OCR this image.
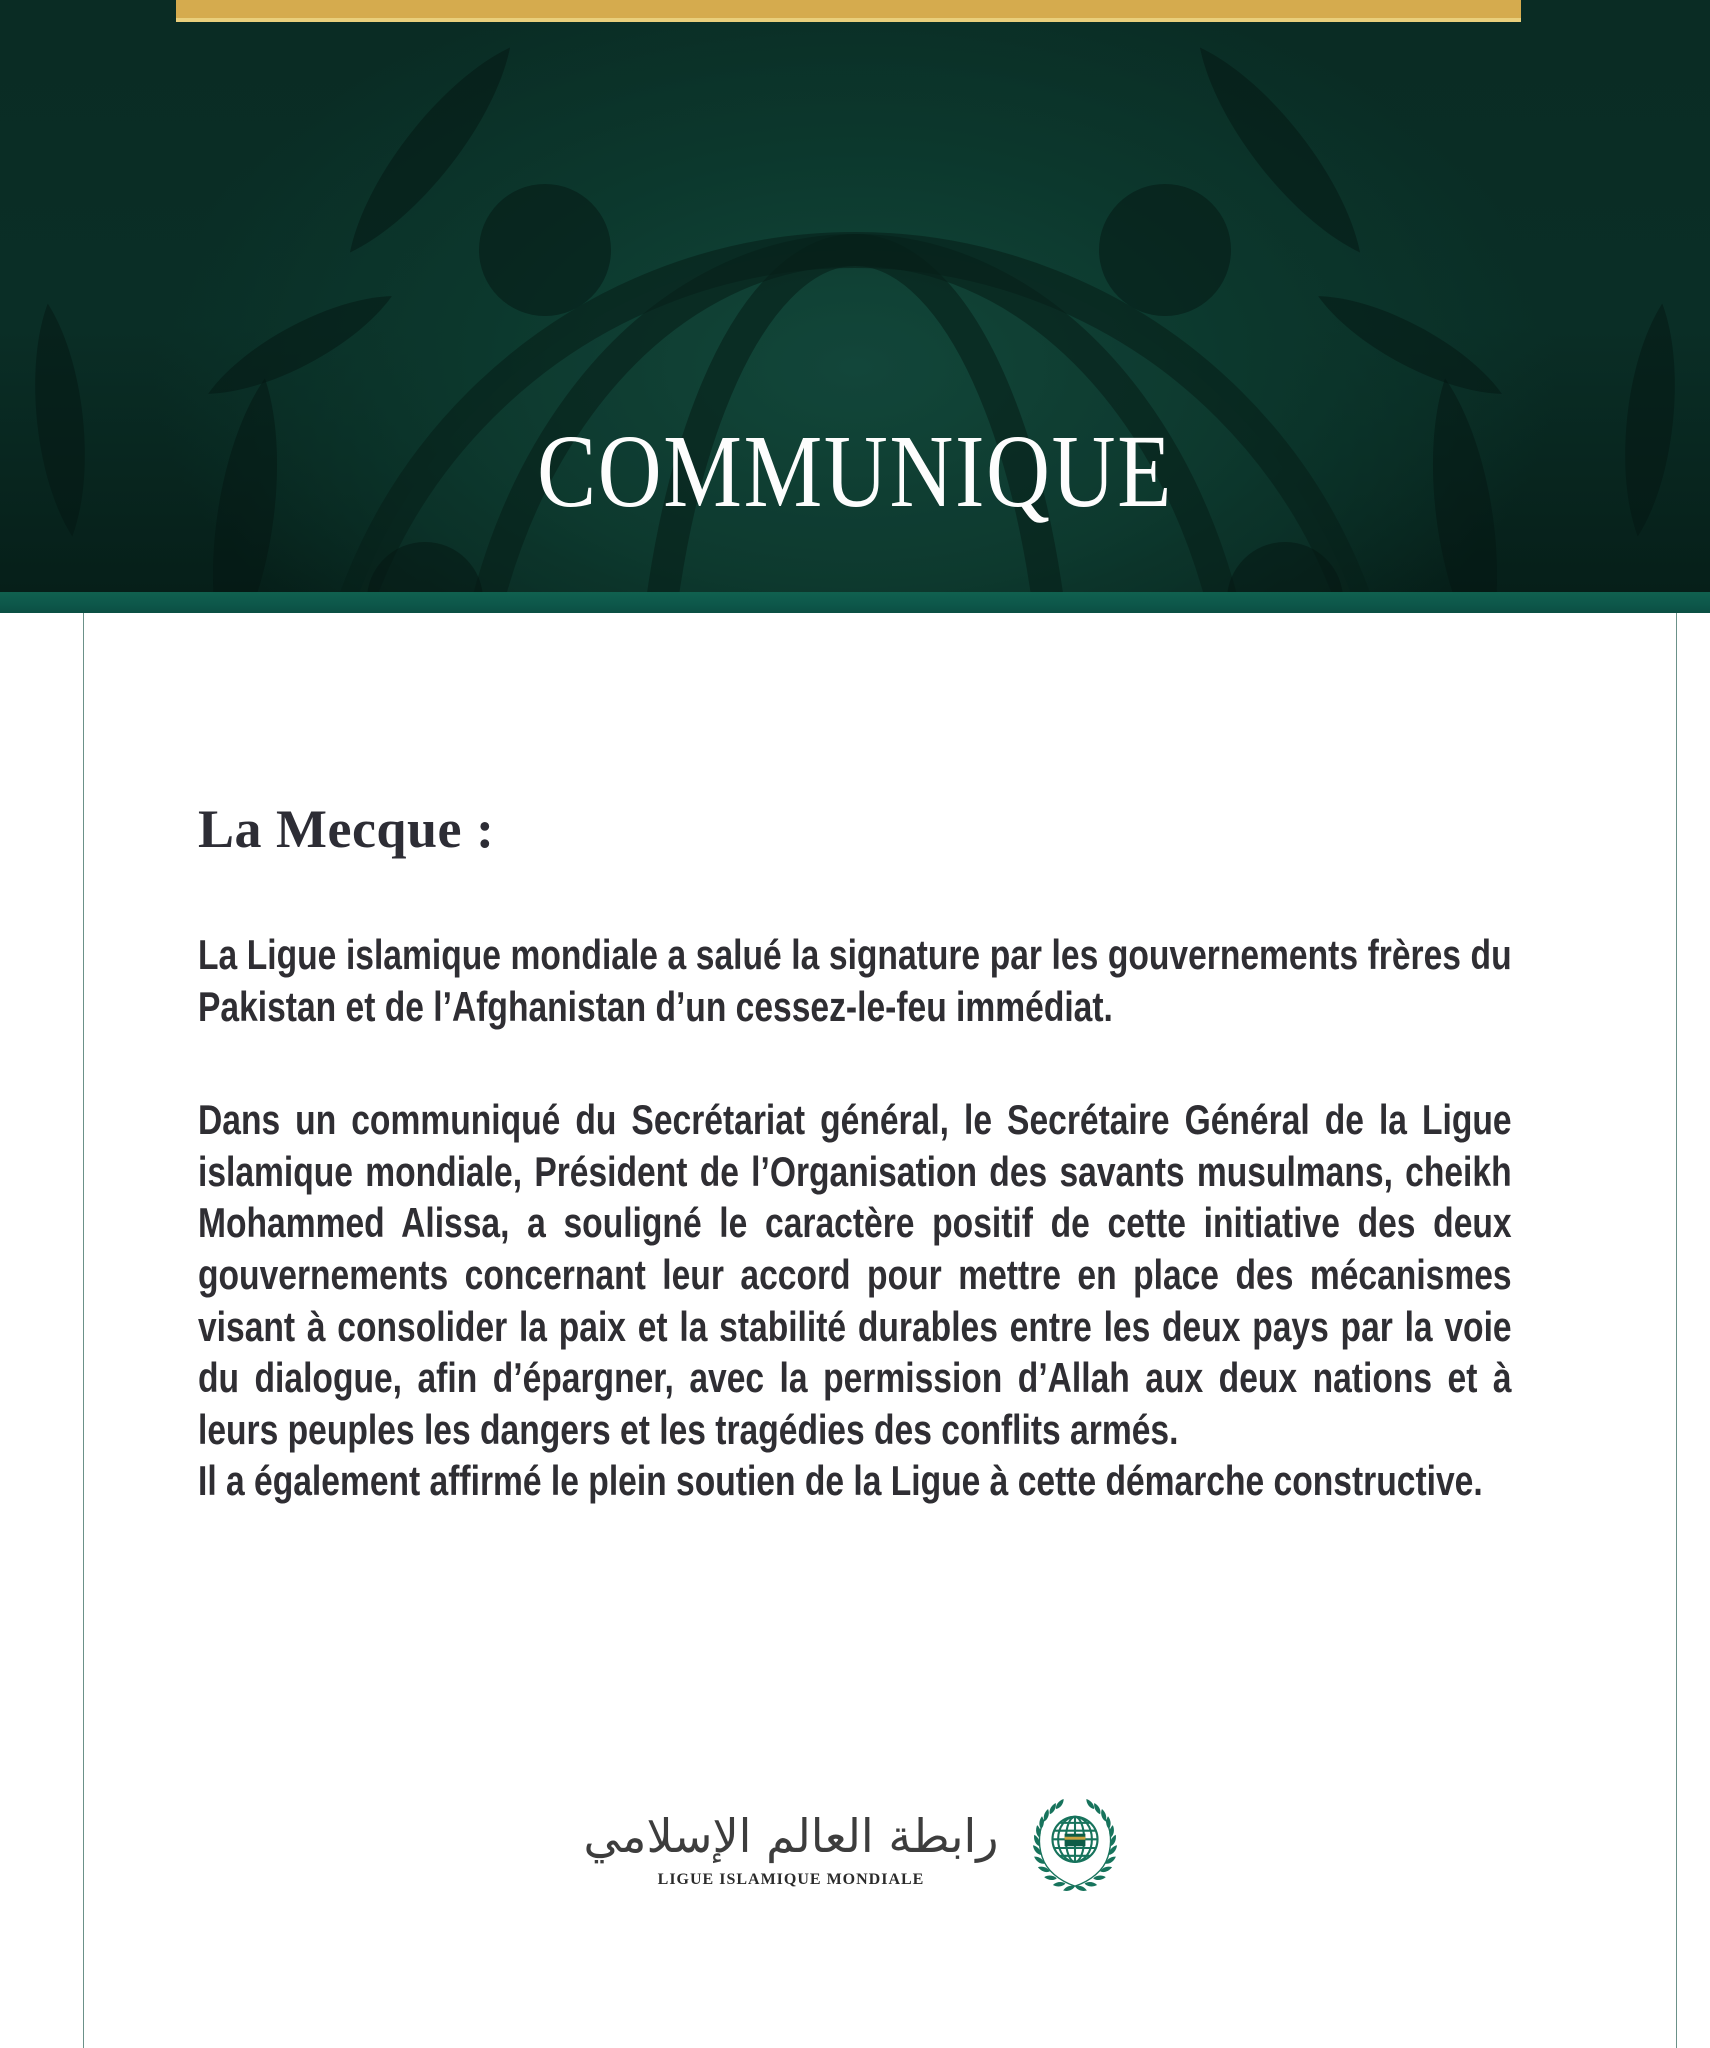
COMMUNIQUE
La Mecque :

La Ligue islamique mondiale a salué la signature par les gouvernements frères du Pakistan et de l’Afghanistan d’un cessez-le-feu immédiat.

Dans un communiqué du Secrétariat général, le Secrétaire Général de la Ligue islamique mondiale, Président de l’Organisation des savants musulmans, cheikh Mohammed Alissa, a souligné le caractère positif de cette initiative des deux gouvernements concernant leur accord pour mettre en place des mécanismes visant à consolider la paix et la stabilité durables entre les deux pays par la voie du dialogue, afin d’épargner, avec la permission d’Allah aux deux nations et à leurs peuples les dangers et les tragédies des conflits armés.

Il a également affirmé le plein soutien de la Ligue à cette démarche constructive.

رابطة العالم الإسلامي
LIGUE ISLAMIQUE MONDIALE
